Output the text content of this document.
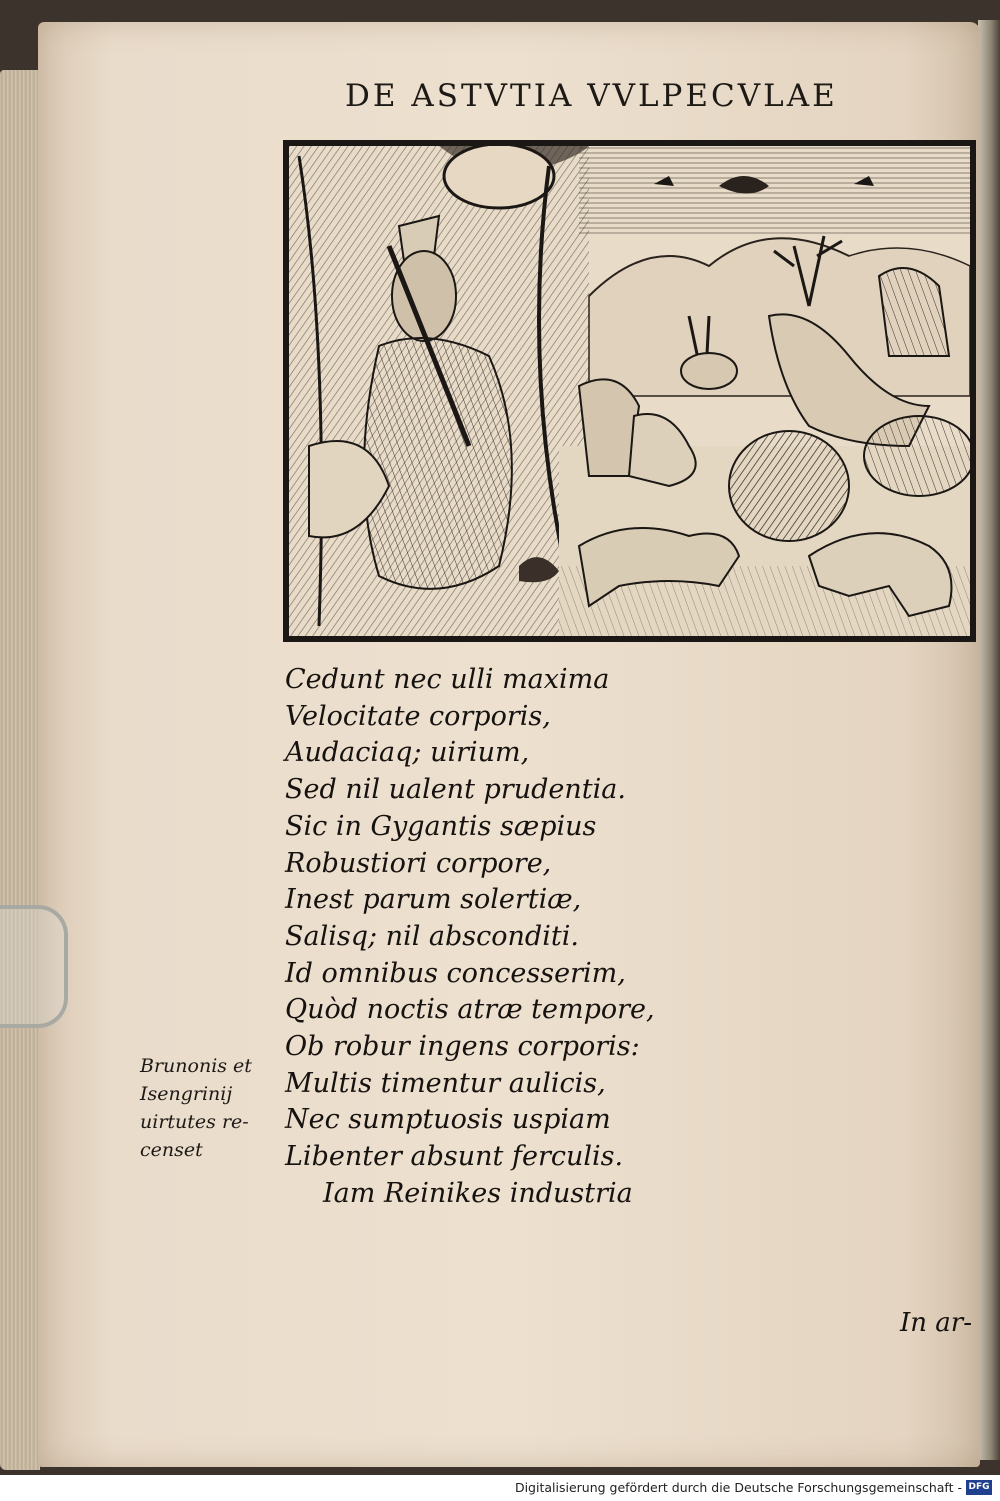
DE ASTVTIA VVLPECVLAE
Brunonis et
Isengrinij
uirtutes re-
censet
Cedunt nec ulli maxima
Velocitate corporis,
Audaciaq; uirium,
Sed nil ualent prudentia.
Sic in Gygantis sæpius
Robustiori corpore,
Inest parum solertiæ,
Salisq; nil absconditi.
Id omnibus concesserim,
Quòd noctis atræ tempore,
Ob robur ingens corporis:
Multis timentur aulicis,
Nec sumptuosis uspiam
Libenter absunt ferculis.
Iam Reinikes industria
In ar-
Digitalisierung gefördert durch die Deutsche Forschungsgemeinschaft - DFG
